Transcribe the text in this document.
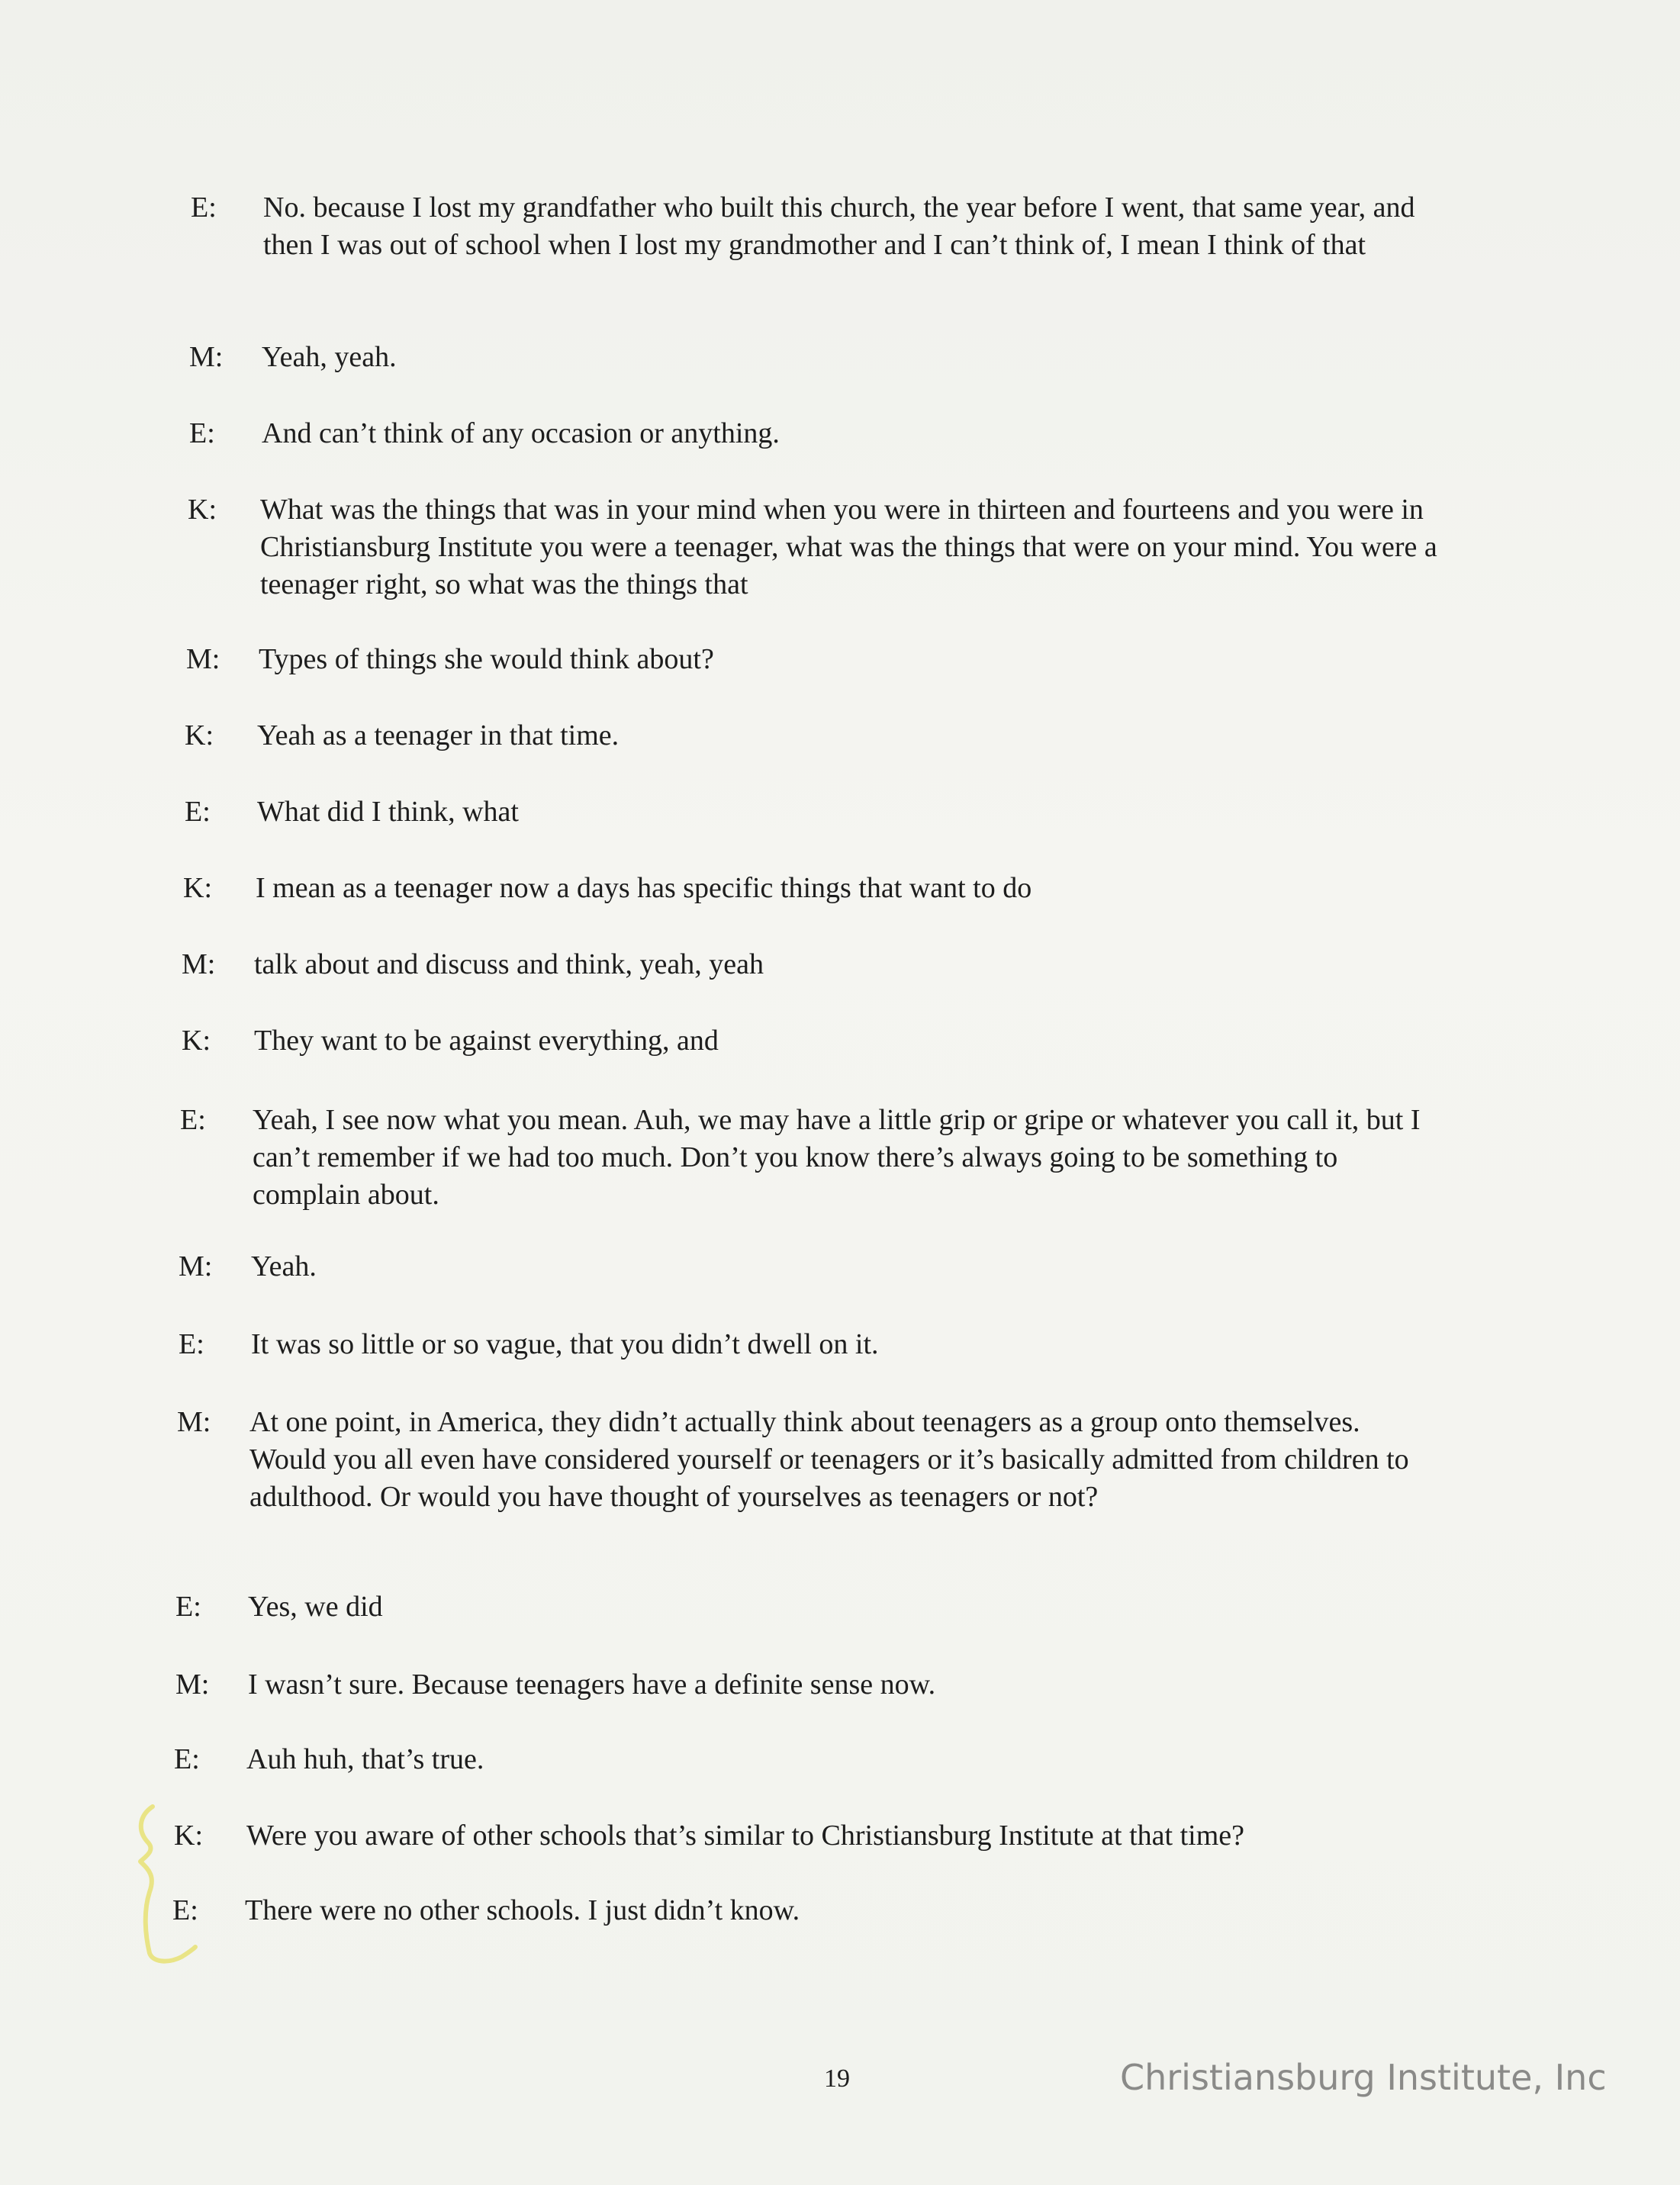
E:	No. because I lost my grandfather who built this church, the year before I went, that same year, and then I was out of school when I lost my grandmother and I can’t think of, I mean I think of that
M:	Yeah, yeah.
E:	And can’t think of any occasion or anything.
K:	What was the things that was in your mind when you were in thirteen and fourteens and you were in Christiansburg Institute you were a teenager, what was the things that were on your mind. You were a teenager right, so what was the things that
M:	Types of things she would think about?
K:	Yeah as a teenager in that time.
E:	What did I think, what
K:	I mean as a teenager now a days has specific things that want to do
M:	talk about and discuss and think, yeah, yeah
K:	They want to be against everything, and
E:	Yeah, I see now what you mean. Auh, we may have a little grip or gripe or whatever you call it, but I can’t remember if we had too much. Don’t you know there’s always going to be something to complain about.
M:	Yeah.
E:	It was so little or so vague, that you didn’t dwell on it.
M:	At one point, in America, they didn’t actually think about teenagers as a group onto themselves. Would you all even have considered yourself or teenagers or it’s basically admitted from children to adulthood. Or would you have thought of yourselves as teenagers or not?
E:	Yes, we did
M:	I wasn’t sure. Because teenagers have a definite sense now.
E:	Auh huh, that’s true.
K:	Were you aware of other schools that’s similar to Christiansburg Institute at that time?
E:	There were no other schools. I just didn’t know.
19	Christiansburg Institute, Inc
